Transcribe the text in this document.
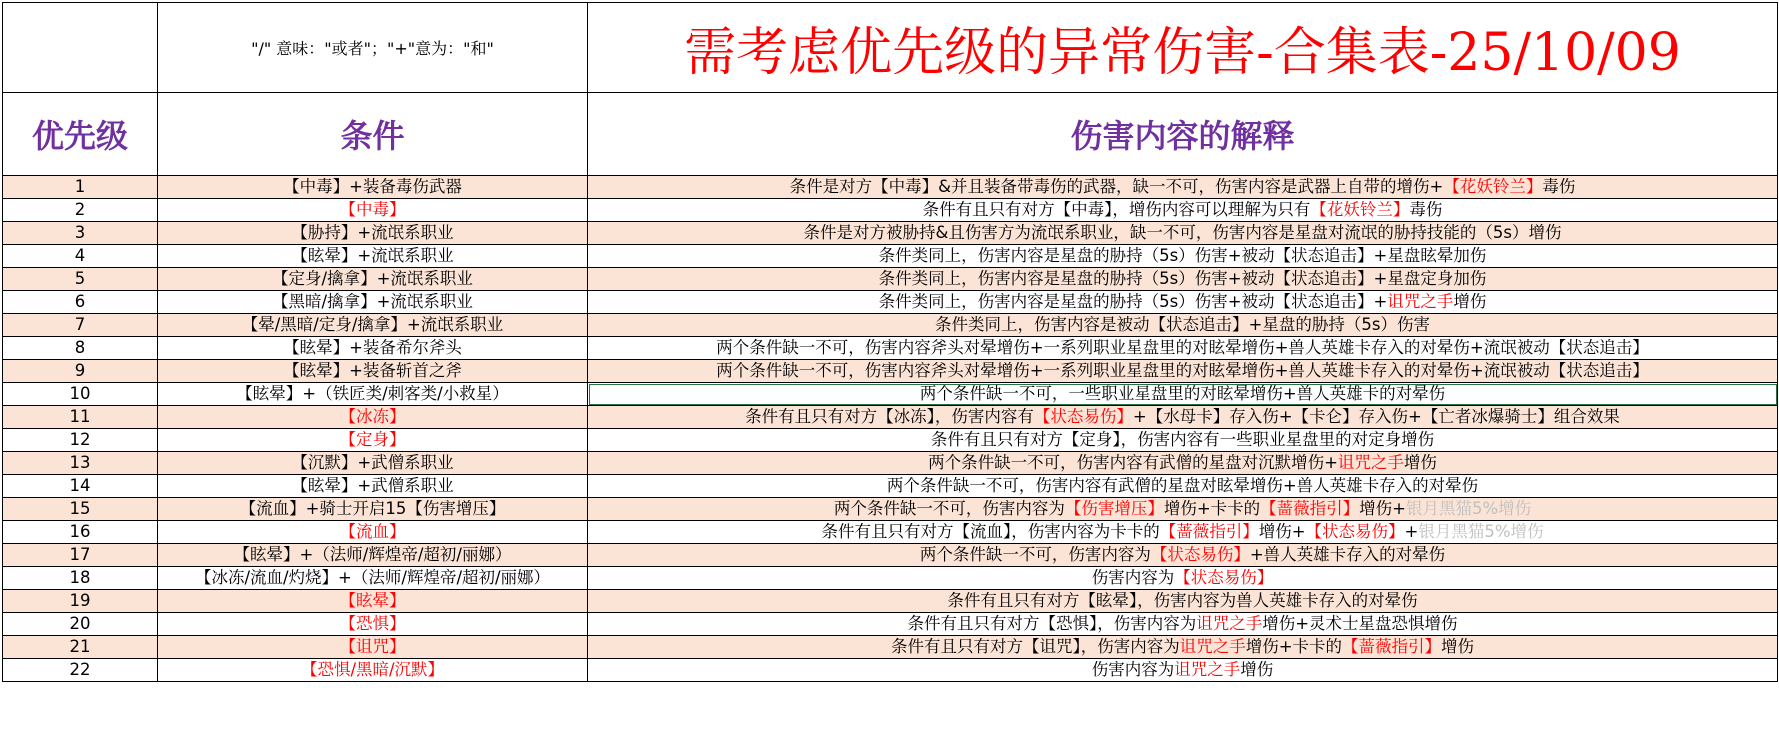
	"/" 意味："或者"；"+"意为："和"	需考虑优先级的异常伤害-合集表-25/10/09
优先级	条件	伤害内容的解释
1	【中毒】+装备毒伤武器	条件是对方【中毒】&并且装备带毒伤的武器，缺一不可，伤害内容是武器上自带的增伤+【花妖铃兰】毒伤
2	【中毒】	条件有且只有对方【中毒】，增伤内容可以理解为只有【花妖铃兰】毒伤
3	【胁持】+流氓系职业	条件是对方被胁持&且伤害方为流氓系职业，缺一不可，伤害内容是星盘对流氓的胁持技能的（5s）增伤
4	【眩晕】+流氓系职业	条件类同上，伤害内容是星盘的胁持（5s）伤害+被动【状态追击】+星盘眩晕加伤
5	【定身/擒拿】+流氓系职业	条件类同上，伤害内容是星盘的胁持（5s）伤害+被动【状态追击】+星盘定身加伤
6	【黑暗/擒拿】+流氓系职业	条件类同上，伤害内容是星盘的胁持（5s）伤害+被动【状态追击】+诅咒之手增伤
7	【晕/黑暗/定身/擒拿】+流氓系职业	条件类同上，伤害内容是被动【状态追击】+星盘的胁持（5s）伤害
8	【眩晕】+装备希尔斧头	两个条件缺一不可，伤害内容斧头对晕增伤+一系列职业星盘里的对眩晕增伤+兽人英雄卡存入的对晕伤+流氓被动【状态追击】
9	【眩晕】+装备斩首之斧	两个条件缺一不可，伤害内容斧头对晕增伤+一系列职业星盘里的对眩晕增伤+兽人英雄卡存入的对晕伤+流氓被动【状态追击】
10	【眩晕】+（铁匠类/刺客类/小救星）	两个条件缺一不可，一些职业星盘里的对眩晕增伤+兽人英雄卡的对晕伤
11	【冰冻】	条件有且只有对方【冰冻】，伤害内容有【状态易伤】+【水母卡】存入伤+【卡仑】存入伤+【亡者冰爆骑士】组合效果
12	【定身】	条件有且只有对方【定身】，伤害内容有一些职业星盘里的对定身增伤
13	【沉默】+武僧系职业	两个条件缺一不可，伤害内容有武僧的星盘对沉默增伤+诅咒之手增伤
14	【眩晕】+武僧系职业	两个条件缺一不可，伤害内容有武僧的星盘对眩晕增伤+兽人英雄卡存入的对晕伤
15	【流血】+骑士开启15【伤害增压】	两个条件缺一不可，伤害内容为【伤害增压】增伤+卡卡的【蔷薇指引】增伤+银月黑猫5%增伤
16	【流血】	条件有且只有对方【流血】，伤害内容为卡卡的【蔷薇指引】增伤+【状态易伤】+银月黑猫5%增伤
17	【眩晕】+（法师/辉煌帝/超初/丽娜）	两个条件缺一不可，伤害内容为【状态易伤】+兽人英雄卡存入的对晕伤
18	【冰冻/流血/灼烧】+（法师/辉煌帝/超初/丽娜）	伤害内容为【状态易伤】
19	【眩晕】	条件有且只有对方【眩晕】，伤害内容为兽人英雄卡存入的对晕伤
20	【恐惧】	条件有且只有对方【恐惧】，伤害内容为诅咒之手增伤+灵术士星盘恐惧增伤
21	【诅咒】	条件有且只有对方【诅咒】，伤害内容为诅咒之手增伤+卡卡的【蔷薇指引】增伤
22	【恐惧/黑暗/沉默】	伤害内容为诅咒之手增伤
